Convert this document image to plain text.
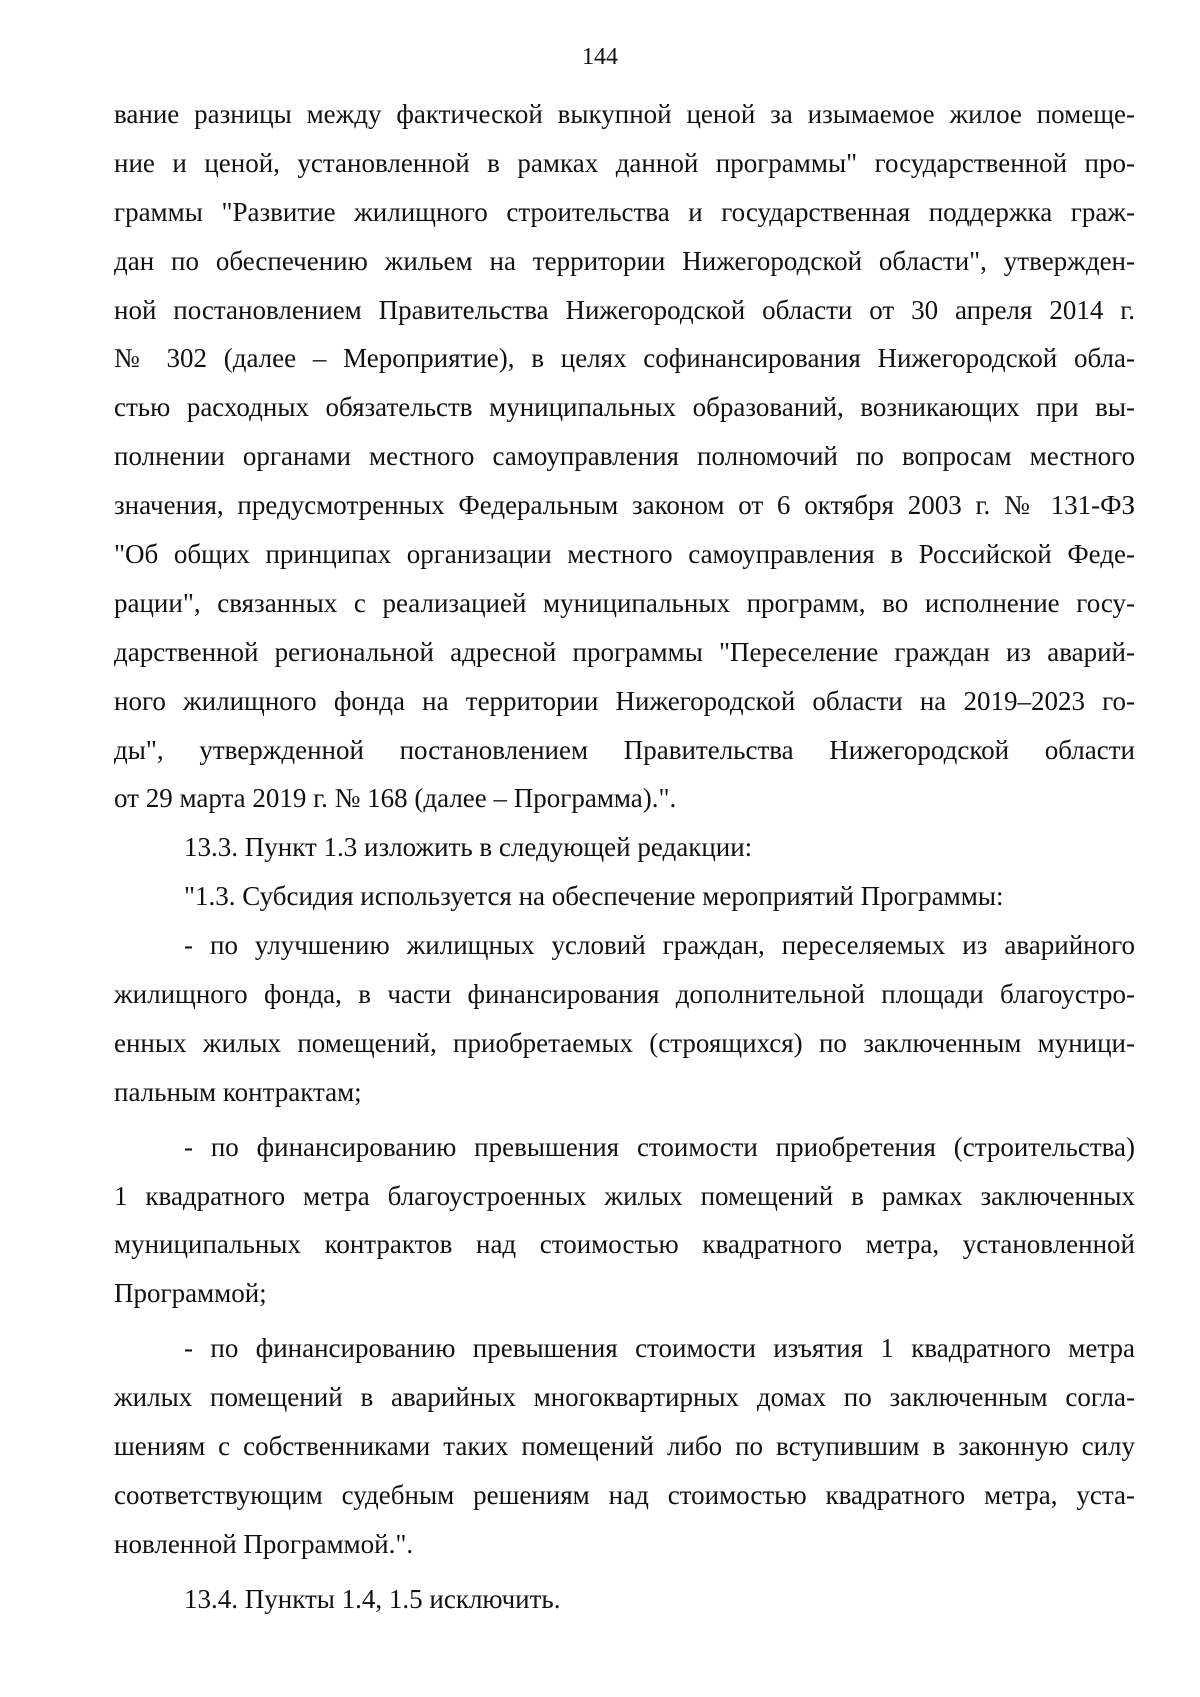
144
вание разницы между фактической выкупной ценой за изымаемое жилое помеще-
ние и ценой, установленной в рамках данной программы" государственной про-
граммы "Развитие жилищного строительства и государственная поддержка граж-
дан по обеспечению жильем на территории Нижегородской области", утвержден-
ной постановлением Правительства Нижегородской области от 30 апреля 2014 г.
№ 302 (далее – Мероприятие), в целях софинансирования Нижегородской обла-
стью расходных обязательств муниципальных образований, возникающих при вы-
полнении органами местного самоуправления полномочий по вопросам местного
значения, предусмотренных Федеральным законом от 6 октября 2003 г. № 131-ФЗ
"Об общих принципах организации местного самоуправления в Российской Феде-
рации", связанных с реализацией муниципальных программ, во исполнение госу-
дарственной региональной адресной программы "Переселение граждан из аварий-
ного жилищного фонда на территории Нижегородской области на 2019–2023 го-
ды", утвержденной постановлением Правительства Нижегородской области
от 29 марта 2019 г. № 168 (далее – Программа).".
13.3. Пункт 1.3 изложить в следующей редакции:
"1.3. Субсидия используется на обеспечение мероприятий Программы:
- по улучшению жилищных условий граждан, переселяемых из аварийного
жилищного фонда, в части финансирования дополнительной площади благоустро-
енных жилых помещений, приобретаемых (строящихся) по заключенным муници-
пальным контрактам;
- по финансированию превышения стоимости приобретения (строительства)
1 квадратного метра благоустроенных жилых помещений в рамках заключенных
муниципальных контрактов над стоимостью квадратного метра, установленной
Программой;
- по финансированию превышения стоимости изъятия 1 квадратного метра
жилых помещений в аварийных многоквартирных домах по заключенным согла-
шениям с собственниками таких помещений либо по вступившим в законную силу
соответствующим судебным решениям над стоимостью квадратного метра, уста-
новленной Программой.".
13.4. Пункты 1.4, 1.5 исключить.
